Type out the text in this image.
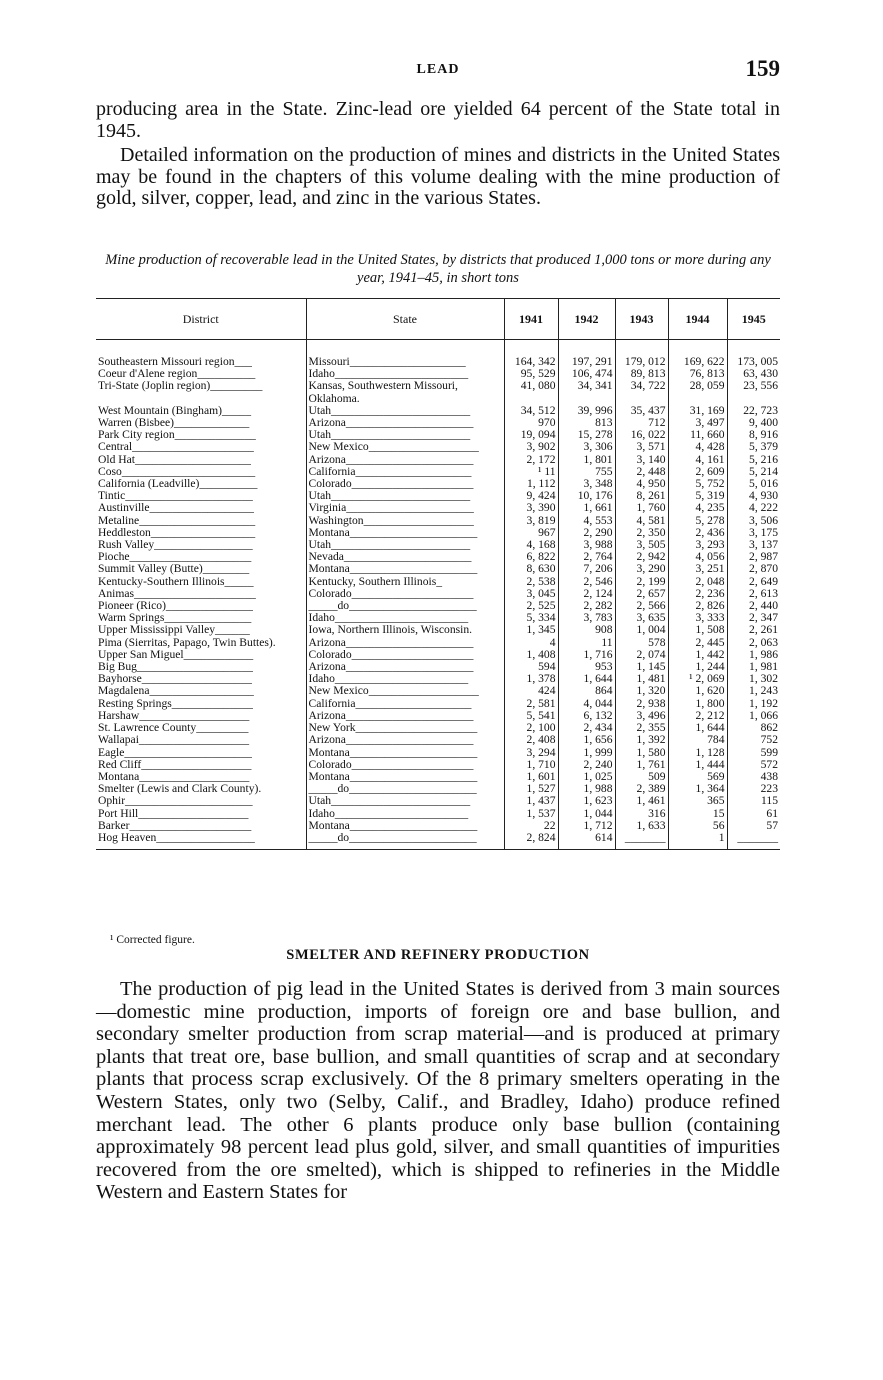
LEAD	159

producing area in the State. Zinc-lead ore yielded 64 percent of the State total in 1945.

Detailed information on the production of mines and districts in the United States may be found in the chapters of this volume dealing with the mine production of gold, silver, copper, lead, and zinc in the various States.

Mine production of recoverable lead in the United States, by districts that produced 1,000 tons or more during any year, 1941–45, in short tons

District	State	1941	1942	1943	1944	1945

Southeastern Missouri region___	Missouri____________________	164, 342	197, 291	179, 012	169, 622	173, 005
Coeur d'Alene region__________	Idaho_______________________	95, 529	106, 474	89, 813	76, 813	63, 430
Tri-State (Joplin region)_________	Kansas, Southwestern Missouri, Oklahoma.	41, 080	34, 341	34, 722	28, 059	23, 556
West Mountain (Bingham)_____	Utah________________________	34, 512	39, 996	35, 437	31, 169	22, 723
Warren (Bisbee)_____________	Arizona______________________	970	813	712	3, 497	9, 400
Park City region______________	Utah________________________	19, 094	15, 278	16, 022	11, 660	8, 916
Central_____________________	New Mexico___________________	3, 902	3, 306	3, 571	4, 428	5, 379
Old Hat____________________	Arizona______________________	2, 172	1, 801	3, 140	4, 161	5, 216
Coso_______________________	California____________________	¹ 11	755	2, 448	2, 609	5, 214
California (Leadville)__________	Colorado_____________________	1, 112	3, 348	4, 950	5, 752	5, 016
Tintic______________________	Utah________________________	9, 424	10, 176	8, 261	5, 319	4, 930
Austinville__________________	Virginia______________________	3, 390	1, 661	1, 760	4, 235	4, 222
Metaline____________________	Washington___________________	3, 819	4, 553	4, 581	5, 278	3, 506
Heddleston__________________	Montana______________________	967	2, 290	2, 350	2, 436	3, 175
Rush Valley_________________	Utah________________________	4, 168	3, 988	3, 505	3, 293	3, 137
Pioche_____________________	Nevada______________________	6, 822	2, 764	2, 942	4, 056	2, 987
Summit Valley (Butte)________	Montana______________________	8, 630	7, 206	3, 290	3, 251	2, 870
Kentucky-Southern Illinois_____	Kentucky, Southern Illinois_	2, 538	2, 546	2, 199	2, 048	2, 649
Animas_____________________	Colorado_____________________	3, 045	2, 124	2, 657	2, 236	2, 613
Pioneer (Rico)_______________	_____do______________________	2, 525	2, 282	2, 566	2, 826	2, 440
Warm Springs_______________	Idaho_______________________	5, 334	3, 783	3, 635	3, 333	2, 347
Upper Mississippi Valley______	Iowa, Northern Illinois, Wisconsin.	1, 345	908	1, 004	1, 508	2, 261
Pima (Sierritas, Papago, Twin Buttes).	Arizona______________________	4	11	578	2, 445	2, 063
Upper San Miguel____________	Colorado_____________________	1, 408	1, 716	2, 074	1, 442	1, 986
Big Bug____________________	Arizona______________________	594	953	1, 145	1, 244	1, 981
Bayhorse___________________	Idaho_______________________	1, 378	1, 644	1, 481	¹ 2, 069	1, 302
Magdalena__________________	New Mexico___________________	424	864	1, 320	1, 620	1, 243
Resting Springs______________	California____________________	2, 581	4, 044	2, 938	1, 800	1, 192
Harshaw___________________	Arizona______________________	5, 541	6, 132	3, 496	2, 212	1, 066
St. Lawrence County_________	New York_____________________	2, 100	2, 434	2, 355	1, 644	862
Wallapai___________________	Arizona______________________	2, 408	1, 656	1, 392	784	752
Eagle______________________	Montana______________________	3, 294	1, 999	1, 580	1, 128	599
Red Cliff___________________	Colorado_____________________	1, 710	2, 240	1, 761	1, 444	572
Montana___________________	Montana______________________	1, 601	1, 025	509	569	438
Smelter (Lewis and Clark County).	_____do______________________	1, 527	1, 988	2, 389	1, 364	223
Ophir______________________	Utah________________________	1, 437	1, 623	1, 461	365	115
Port Hill___________________	Idaho_______________________	1, 537	1, 044	316	15	61
Barker_____________________	Montana______________________	22	1, 712	1, 633	56	57
Hog Heaven_________________	_____do______________________	2, 824	614	_______	1	_______

¹ Corrected figure.

SMELTER AND REFINERY PRODUCTION

The production of pig lead in the United States is derived from 3 main sources—domestic mine production, imports of foreign ore and base bullion, and secondary smelter production from scrap material—and is produced at primary plants that treat ore, base bullion, and small quantities of scrap and at secondary plants that process scrap exclusively. Of the 8 primary smelters operating in the Western States, only two (Selby, Calif., and Bradley, Idaho) produce refined merchant lead. The other 6 plants produce only base bullion (containing approximately 98 percent lead plus gold, silver, and small quantities of impurities recovered from the ore smelted), which is shipped to refineries in the Middle Western and Eastern States for
